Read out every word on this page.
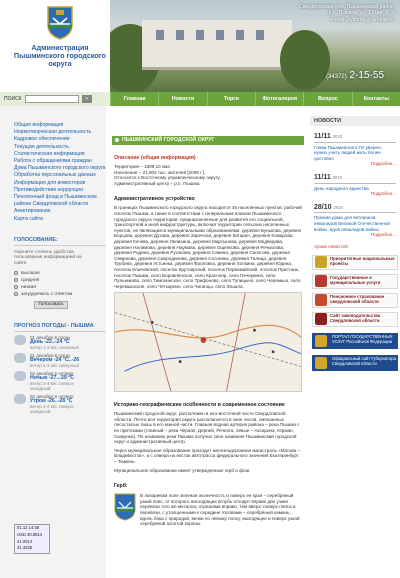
Администрация Пышминского городского округа
Свердловская обл. Пышминский район
р.п. Пышма, ул. 1 Мая, д. 2
e-mail: pyshma@rambler.ru
(34372) 2-15-55
ПОИСК	»	Главная	Новости	Торги	Фотогалерея	Вопрос	Контакты
Общая информация
Нормотворческая деятельность
Кадровое обеспечение
Текущая деятельность
Статистическая информация
Работа с обращениями граждан
Дума Пышминского городского округа
Обработка персональных данных
Информация для инвесторов
Противодействие коррупции
Пенсионный фонд в Пышминском районе Свердловской области
Анкетирование
Карта сайта
ГОЛОСОВАНИЕ:

Оцените степень удобства пользования информацией на сайте

высокая
средняя
низкая
затрудняюсь с ответом
Голосовать
ПРОГНОЗ ПОГОДЫ - ПЫШМА
01 декабря в среду
День -22..-24 °С
ветер 1-3 м/с северный
01 декабря в среду
Вечером -24 °С..-26
ветер 1-3 м/с северный
02 декабря в четверг
Ночью -27..-29 °С
ветер 2-4 м/с северо-западный
02 декабря в четверг
Утром -26..-28 °С
ветер 2-4 м/с северо-западный
01.12 14:58
USD 30.8514
41.0014
31.3335
ПЫШМИНСКИЙ ГОРОДСКОЙ ОКРУГ
Описание (общая информация)
Территория – 1899,10 км2.
Население – 21,904 тыс. жителей [2009 г.].
Относится к Восточному управленческому округу.
Административный центр – р.п. Пышма.
Административное устройство
В границах Пышминского городского округа находится 45 населенных пунктов: рабочий поселок Пышма, а также в соответствии с генеральным планом Пышминского городского округа территории, предназначенные для развития его социальной, транспортной и иной инфраструктуры, включая территории сельских населенных пунктов, не являющихся муниципальными образованиями: деревня Бунькова, деревня Борцова, деревня Духова, деревня Заречная, деревня Катарач, деревня Комарова, деревня Кочева, деревня Лепихина, деревня Мартынова, деревня Медведева, деревня Налимова, деревня Наумова, деревня Ощепкова, деревня Речкалова, деревня Родина, деревня Русакова, деревня Савина, деревня Сапогова, деревня Смирнова, деревня Смородинова, деревня Сосновка, деревня Талица, деревня Трубина, деревня Устьянка, деревня Фроловка, деревня Холкина, деревня Юдина, поселок Ключевской, поселок Крутоярский, поселок Первомайский, поселок Пристань, поселок Пышма, село Боровлянское, село Краснояр, село Печеркино, село Пульниково, село Тимохинское, село Трифоново, село Тупицыно, село Черемыш, село Черемышское, село Четкарино, село Чиганцы, село Юшала.
Историко-географические особенности и современное состояние
Пышминский городской округ, расположен в юго-восточной части Свердловской области. Почти вся территория округа располагается в зоне лесов, смешанных лесостепью лишь в его южной части. Главная водная артерия района – река Пышма с ее притоками (главный – река Черная, Дерней, Речелга; левые – Аксарина, Юрман, Скакунка). По названию реки Пышма получил свое название Пышминский городской округ и административный центр.
Через муниципальное образование проходит железнодорожная магистраль «Москва – Владивосток», а с севера на восток автотрасса федерального значения Екатеринбург – Тюмень.
Муниципальное образование имеет утвержденные герб и флаг.
Герб:
В лазоревом поле зеленая оконечность и поверх ее края – серебряный узкий пояс, от которого нисходящие вглубь отходит вправо две узкие перевязи того же металла; отрезками вправо, тем вверх: поверх пояса и перевязи, с утолщенными к середине головами – серебряный камень, вдоль бока с природой, венки по левому поясу, выходящее и поверх узкой серебряной золотой короны.
НОВОСТИ
11/11 2010
Глава Пышминского ГО уверен, нужно учить людей жить более достойно
Подробно...
11/11 2010
День народного единства
Подробно...
28/10 2010
Премия дома для ветеранов, инвалидов Великой Отечественной войны, вдов инвалидов войны
Подробно...
Архив новостей
Приоритетные национальные проекты
Государственные и муниципальные услуги
Пенсионное страхование свердловской области
Сайт законодательства Свердловской области
ПОРТАЛ ГОСУДАРСТВЕННЫХ УСЛУГ Российской Федерации
Официальный сайт Губернатора Свердловской области
